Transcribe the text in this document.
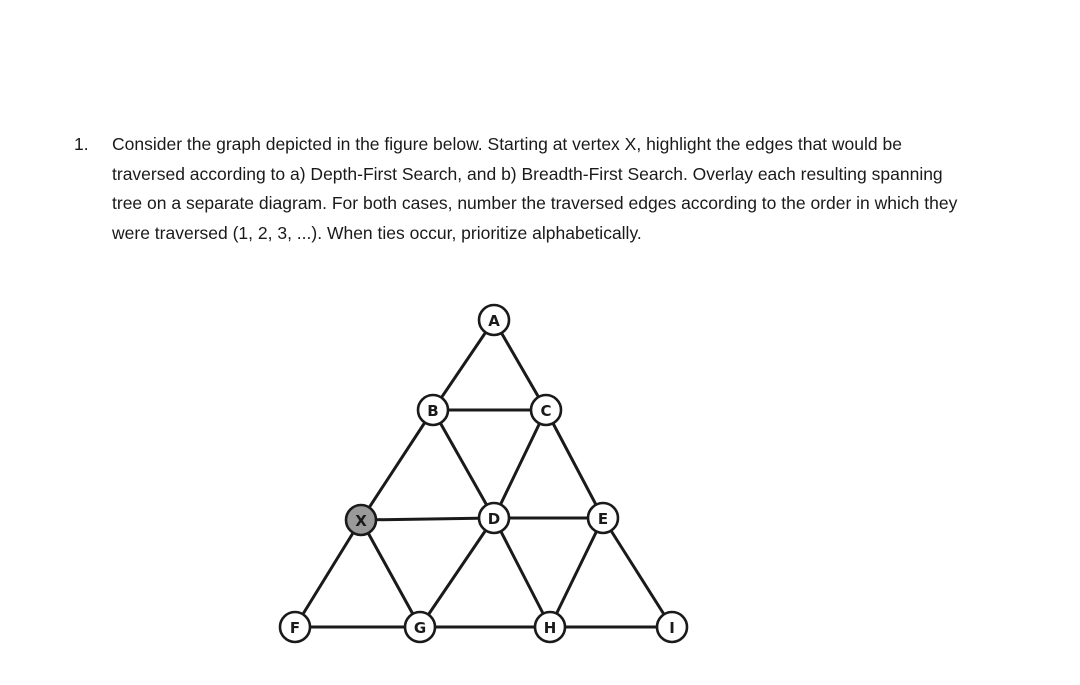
1.	Consider the graph depicted in the figure below. Starting at vertex X, highlight the edges that would be traversed according to a) Depth-First Search, and b) Breadth-First Search. Overlay each resulting spanning tree on a separate diagram. For both cases, number the traversed edges according to the order in which they were traversed (1, 2, 3, ...). When ties occur, prioritize alphabetically.
A
B	C
X	D	E
F	G	H	I
